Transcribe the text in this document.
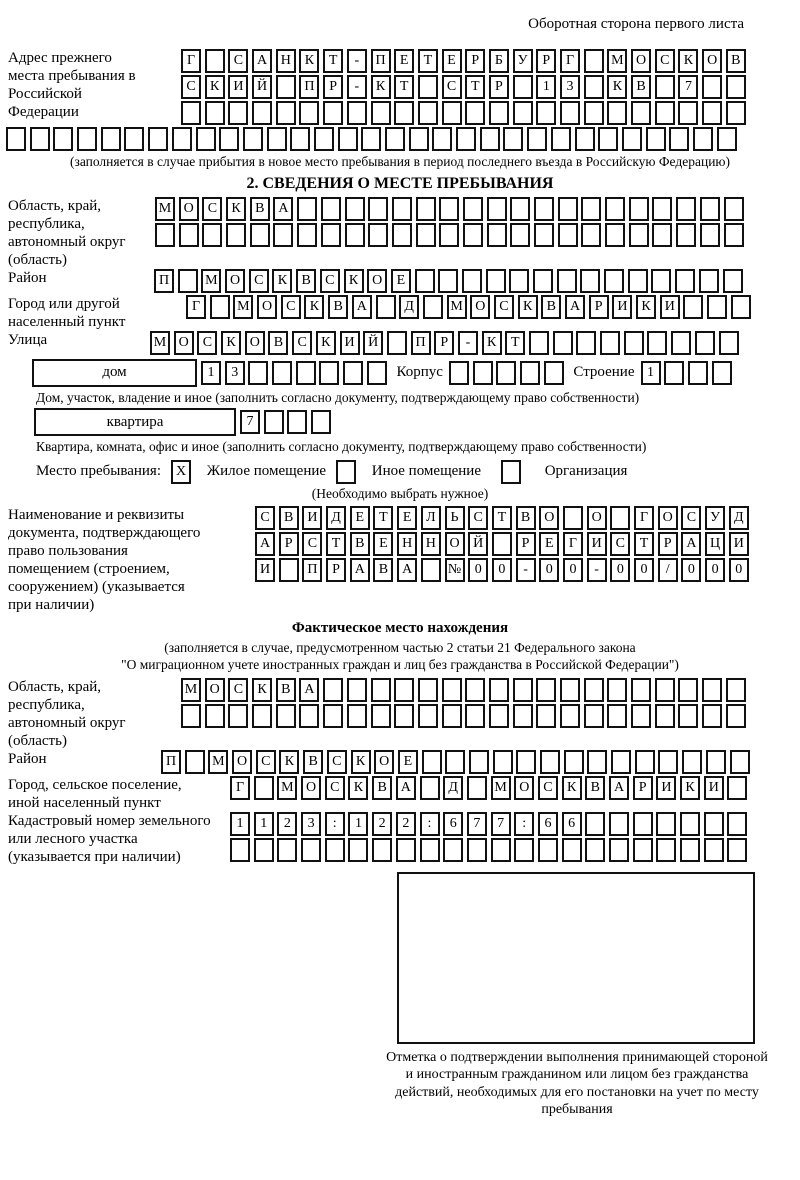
Оборотная сторона первого листа
Адрес прежнего места пребывания в Российской Федерации
Г	С А Н К	Т	-	П	Е	Т	Е	Р	Б	У	Р	Г	М О С	К О В
С	К И Й	П	Р	-	К	Т	С	Т	Р	1	3	К	В	7
(заполняется в случае прибытия в новое место пребывания в период последнего въезда в Российскую Федерацию)
2. СВЕДЕНИЯ О МЕСТЕ ПРЕБЫВАНИЯ
Область, край, республика, автономный округ (область)
М О С	К	В А
Район	П	М О С	К	В	С	К О	Е
Город или другой населенный пункт
Г	М О С	К	В А	Д	М О С	К	В А	Р	И К И
Улица	М О С	К О В	С	К И Й	П	Р	-	К	Т
дом	1	3	Корпус	Строение 1
Дом, участок, владение и иное (заполнить согласно документу, подтверждающему право собственности)
квартира	7
Квартира, комната, офис и иное (заполнить согласно документу, подтверждающему право собственности)
Место пребывания:	X	Жилое помещение	Иное помещение	Организация
(Необходимо выбрать нужное)
Наименование и реквизиты документа, подтверждающего право пользования помещением (строением, сооружением) (указывается при наличии)
С	В И Д	Е	Т	Е	Л	Ь	С	Т	В О	О	Г	О С	У Д
А	Р	С	Т	В	Е	Н Н О Й	Р	Е	Г	И С	Т	Р	А Ц И
И	П	Р	А В А	№ 0	0	-	0	0	-	0	0	/	0	0	0
Фактическое место нахождения
(заполняется в случае, предусмотренном частью 2 статьи 21 Федерального закона
"О миграционном учете иностранных граждан и лиц без гражданства в Российской Федерации")
Область, край, республика, автономный округ (область)
М О С	К	В А
Район	П	М О С	К	В	С	К О	Е
Город, сельское поселение, иной населенный пункт
Г	М О С	К	В А	Д	М О С	К	В А	Р	И К И
Кадастровый номер земельного или лесного участка (указывается при наличии)
1	1	2	3	:	1	2	2	:	6	7	7	:	6	6
Отметка о подтверждении выполнения принимающей стороной и иностранным гражданином или лицом без гражданства действий, необходимых для его постановки на учет по месту пребывания
